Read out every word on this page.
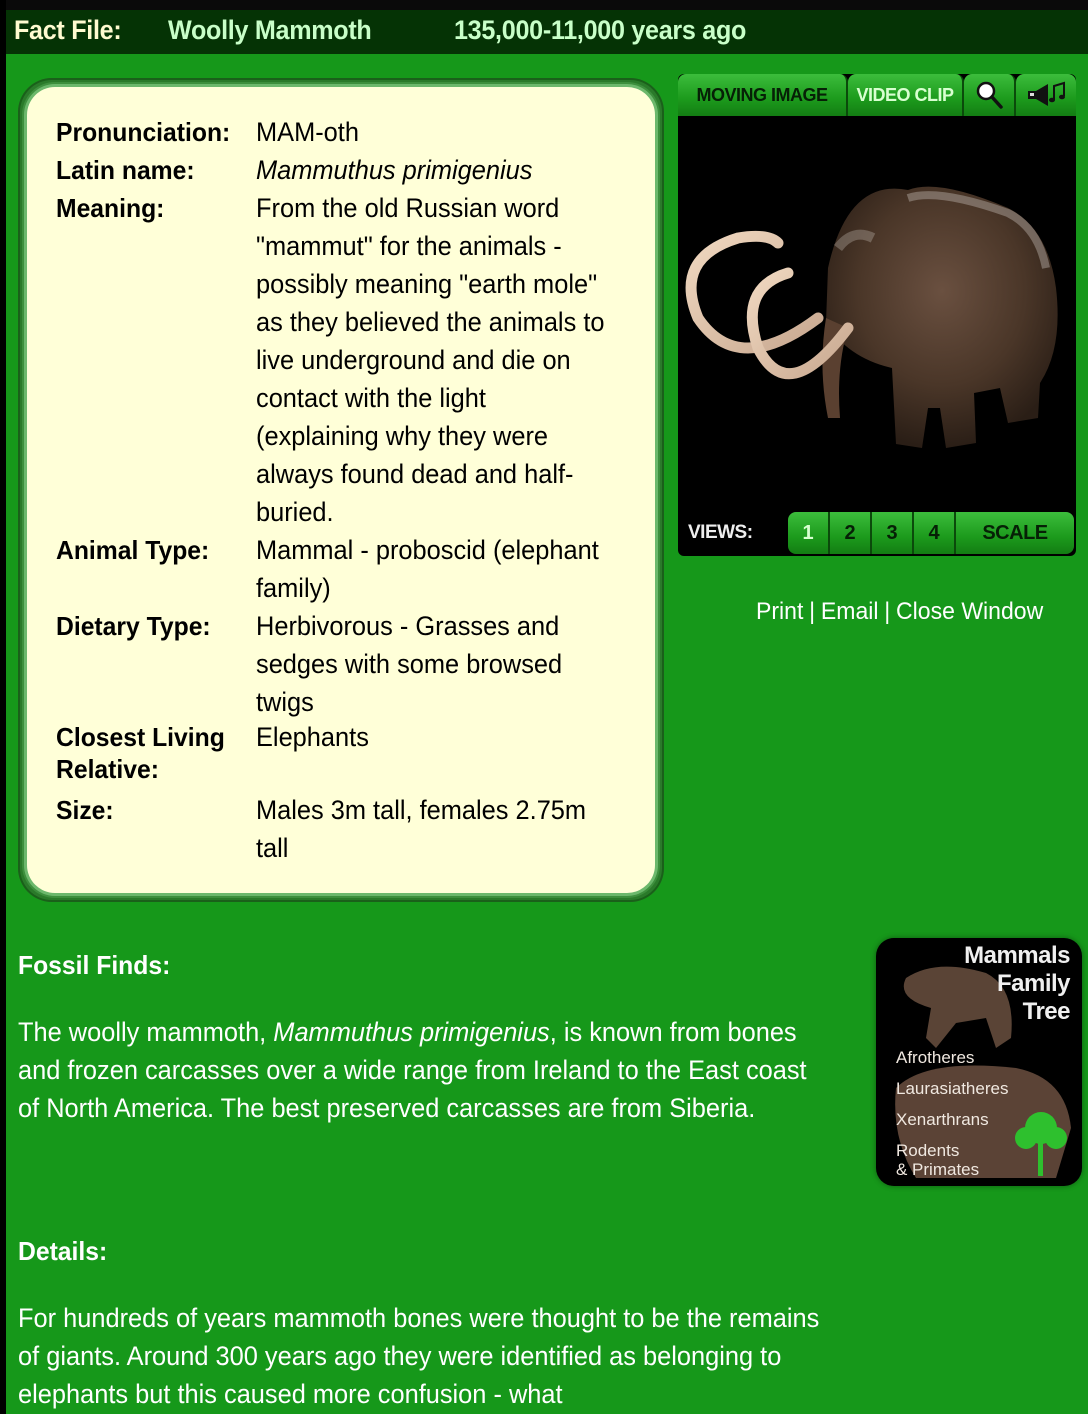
Fact File: Woolly Mammoth	135,000-11,000 years ago
Pronunciation: MAM-oth
Latin name:	Mammuthus primigenius
Meaning:	From the old Russian word "mammut" for the animals - possibly meaning "earth mole" as they believed the animals to live underground and die on contact with the light (explaining why they were always found dead and half-buried.
Animal Type:	Mammal - proboscid (elephant family)
Dietary Type:	Herbivorous - Grasses and sedges with some browsed twigs
Closest Living Relative:
Elephants
Size:	Males 3m tall, females 2.75m tall
MOVING IMAGE	VIDEO CLIP
VIEWS:	1	2	3	4	SCALE
Print | Email | Close Window
Fossil Finds:
The woolly mammoth, Mammuthus primigenius, is known from bones and frozen carcasses over a wide range from Ireland to the East coast of North America. The best preserved carcasses are from Siberia.
Mammals
Family
Tree
Afrotheres
Laurasiatheres
Xenarthrans
Rodents
& Primates
Details:
For hundreds of years mammoth bones were thought to be the remains of giants. Around 300 years ago they were identified as belonging to elephants but this caused more confusion - what
